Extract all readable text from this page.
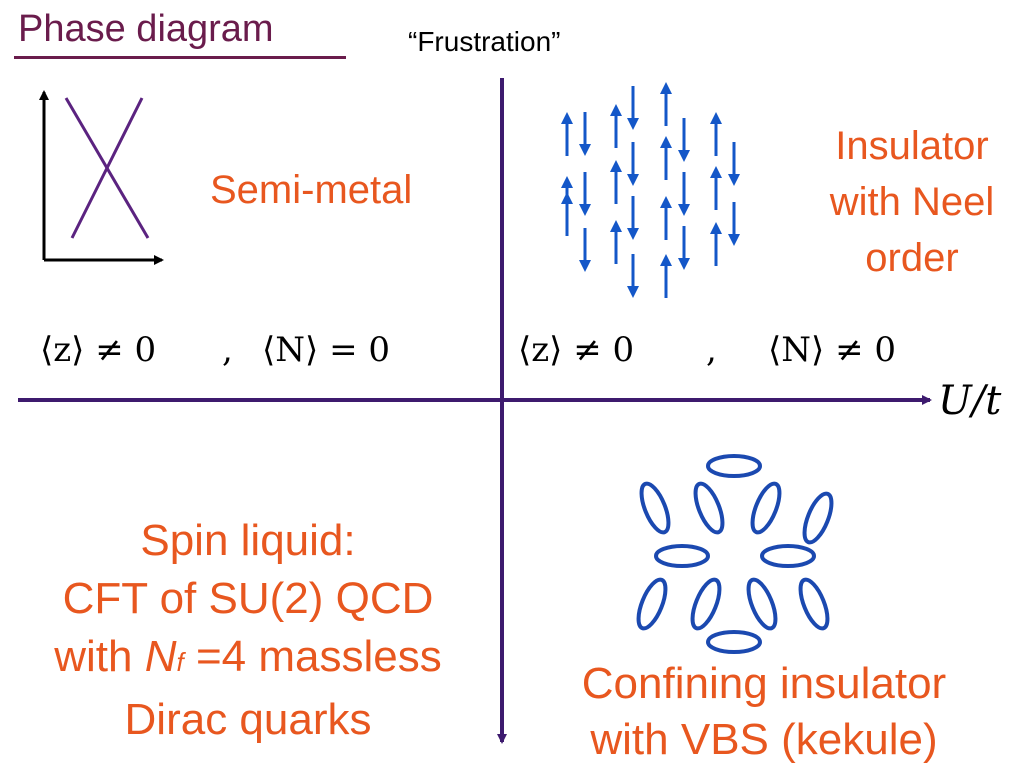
Phase diagram	“Frustration”
Semi-metal
Insulator
with Neel
order
⟨z⟩ ≠ 0 , ⟨N⟩ = 0	⟨z⟩ ≠ 0 , ⟨N⟩ ≠ 0
U/t
Spin liquid:
CFT of SU(2) QCD
with Nf =4 massless
Dirac quarks
Confining insulator
with VBS (kekule)
